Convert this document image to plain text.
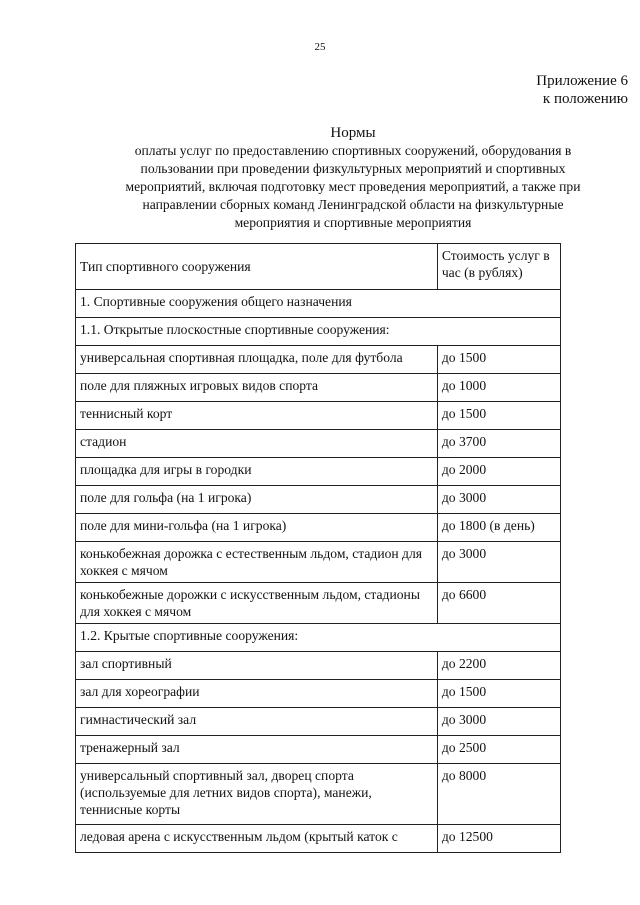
25
Приложение 6
к положению
Нормы
оплаты услуг по предоставлению спортивных сооружений, оборудования в
пользовании при проведении физкультурных мероприятий и спортивных
мероприятий, включая подготовку мест проведения мероприятий, а также при
направлении сборных команд Ленинградской области на физкультурные
мероприятия и спортивные мероприятия
Тип спортивного сооружения	Стоимость услуг в час (в рублях)
1. Спортивные сооружения общего назначения	
1.1. Открытые плоскостные спортивные сооружения:	
универсальная спортивная площадка, поле для футбола	до 1500
поле для пляжных игровых видов спорта	до 1000
теннисный корт	до 1500
стадион	до 3700
площадка для игры в городки	до 2000
поле для гольфа (на 1 игрока)	до 3000
поле для мини-гольфа (на 1 игрока)	до 1800 (в день)
конькобежная дорожка с естественным льдом, стадион для хоккея с мячом	до 3000
конькобежные дорожки с искусственным льдом, стадионы для хоккея с мячом	до 6600
1.2. Крытые спортивные сооружения:	
зал спортивный	до 2200
зал для хореографии	до 1500
гимнастический зал	до 3000
тренажерный зал	до 2500
универсальный спортивный зал, дворец спорта (используемые для летних видов спорта), манежи, теннисные корты	до 8000
ледовая арена с искусственным льдом (крытый каток с	до 12500
